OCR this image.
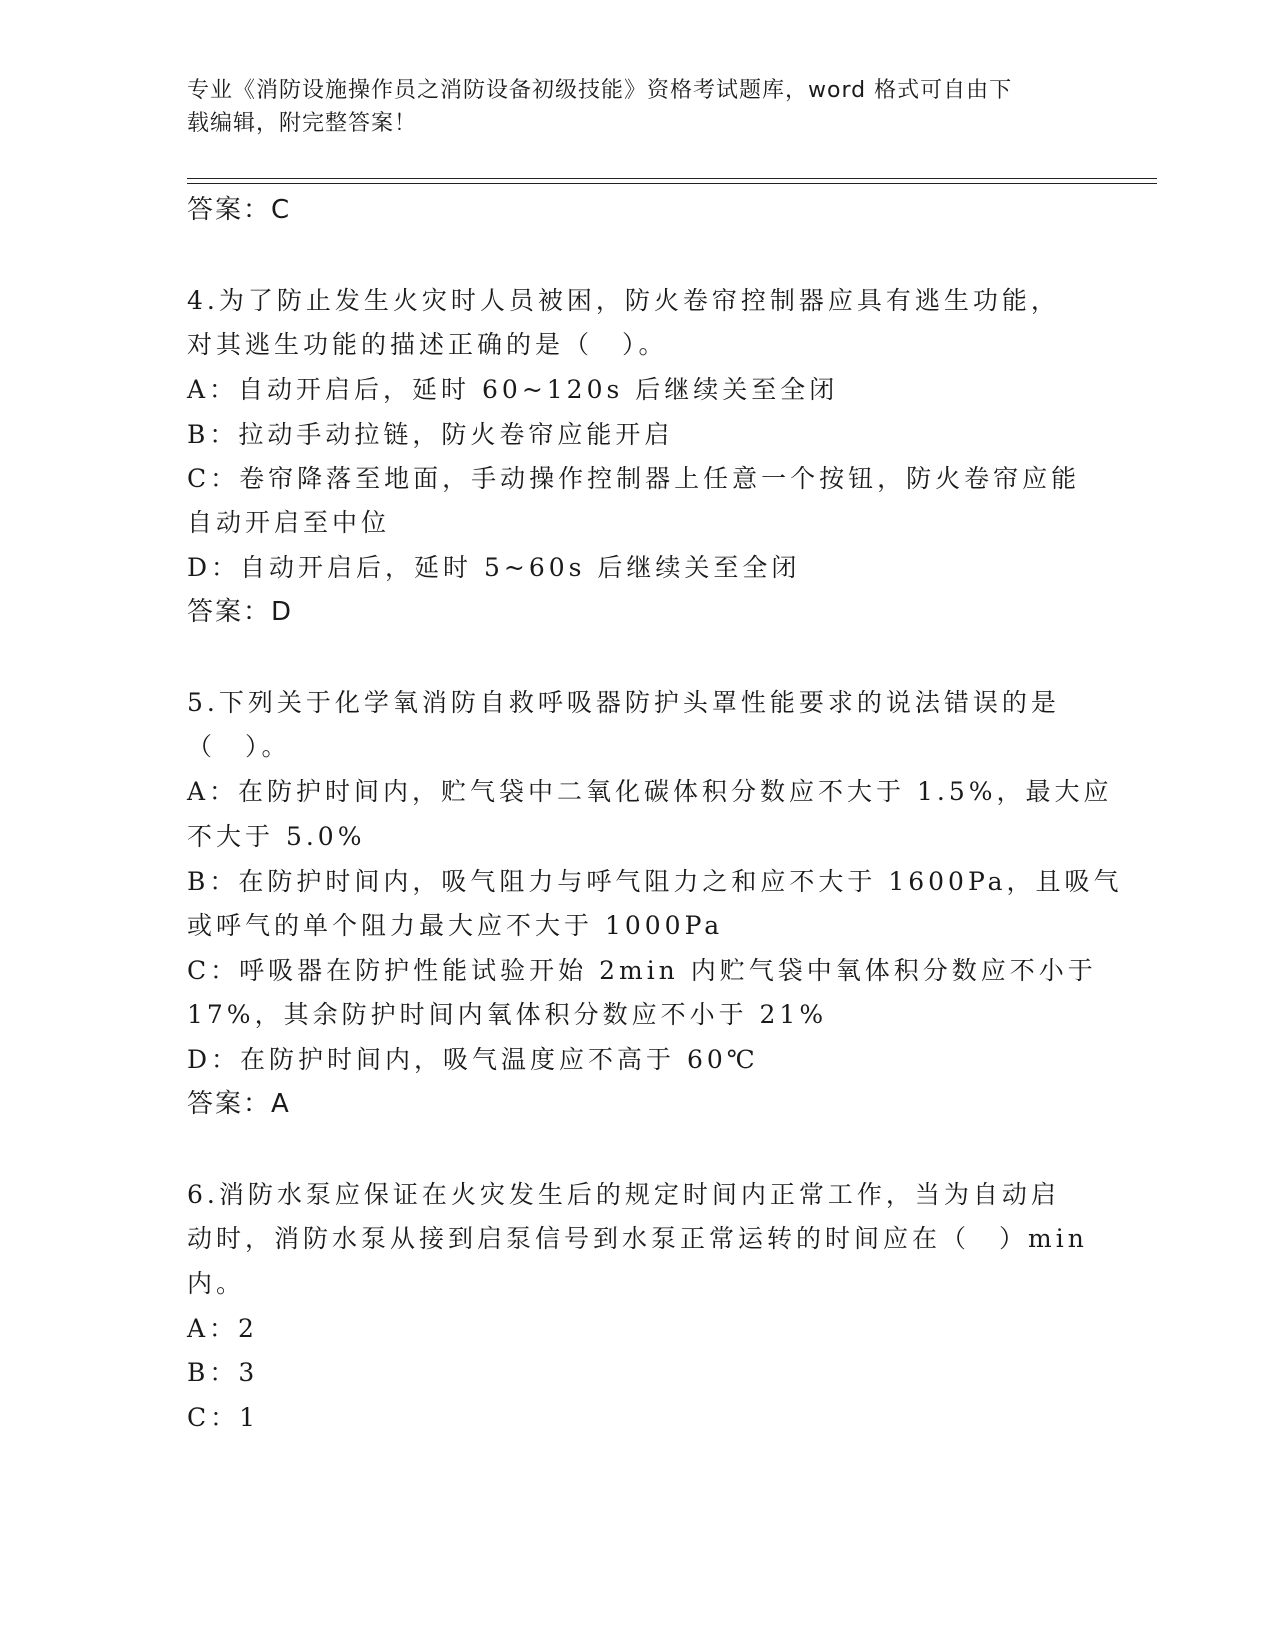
专业《消防设施操作员之消防设备初级技能》资格考试题库，word 格式可自由下
载编辑，附完整答案！
答案：C
4.为了防止发生火灾时人员被困，防火卷帘控制器应具有逃生功能，
对其逃生功能的描述正确的是（　）。
A：自动开启后，延时 60~120s 后继续关至全闭
B：拉动手动拉链，防火卷帘应能开启
C：卷帘降落至地面，手动操作控制器上任意一个按钮，防火卷帘应能
自动开启至中位
D：自动开启后，延时 5~60s 后继续关至全闭
答案：D
5.下列关于化学氧消防自救呼吸器防护头罩性能要求的说法错误的是
（　）。
A：在防护时间内，贮气袋中二氧化碳体积分数应不大于 1.5%，最大应
不大于 5.0%
B：在防护时间内，吸气阻力与呼气阻力之和应不大于 1600Pa，且吸气
或呼气的单个阻力最大应不大于 1000Pa
C：呼吸器在防护性能试验开始 2min 内贮气袋中氧体积分数应不小于
17%，其余防护时间内氧体积分数应不小于 21%
D：在防护时间内，吸气温度应不高于 60℃
答案：A
6.消防水泵应保证在火灾发生后的规定时间内正常工作，当为自动启
动时，消防水泵从接到启泵信号到水泵正常运转的时间应在（　）min
内。
A：2
B：3
C：1
